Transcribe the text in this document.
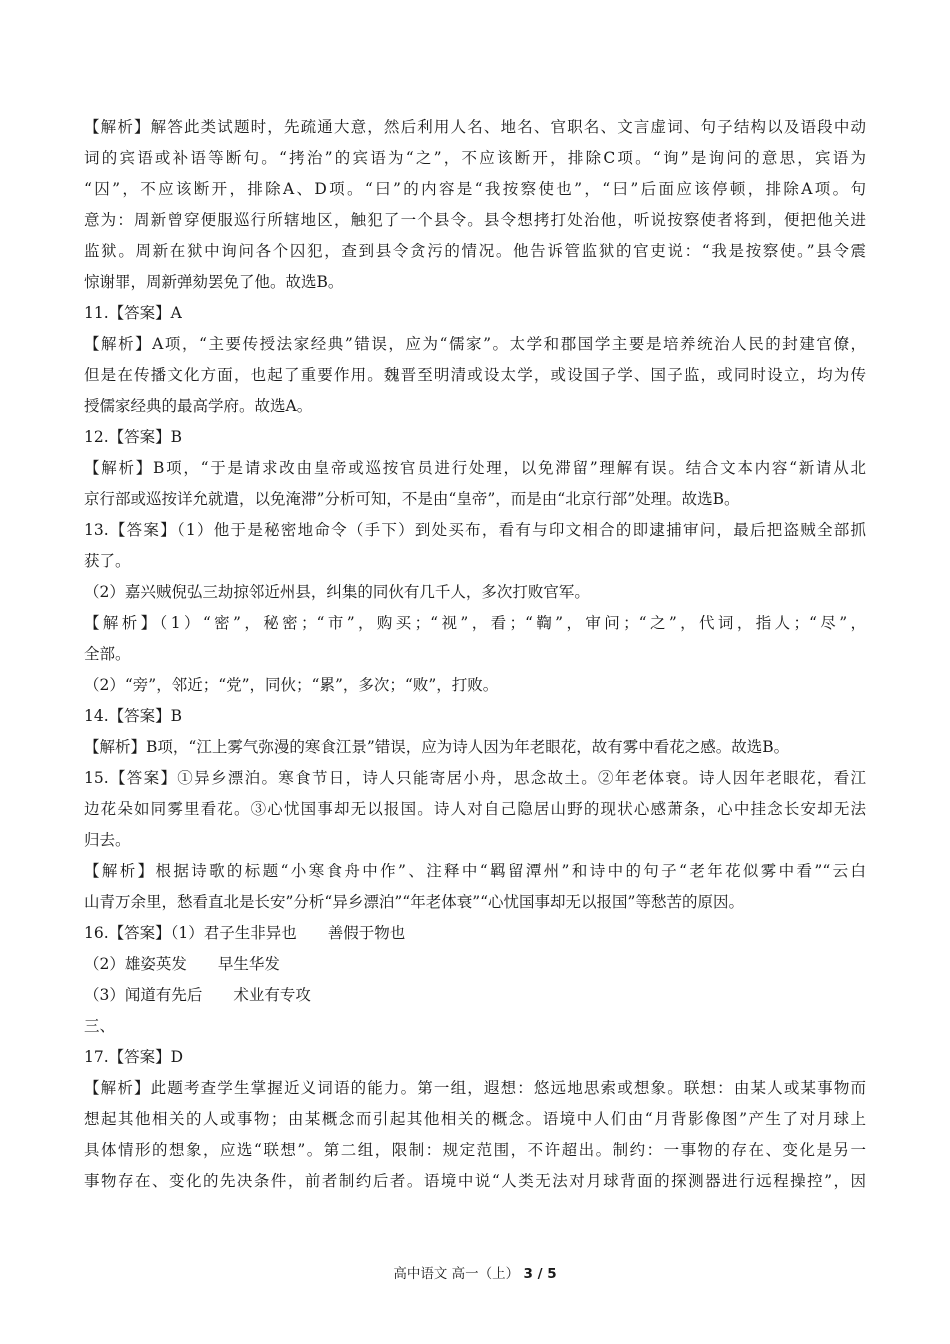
【解析】解答此类试题时，先疏通大意，然后利用人名、地名、官职名、文言虚词、句子结构以及语段中动
词的宾语或补语等断句。“拷治”的宾语为“之”，不应该断开，排除C项。“询”是询问的意思，宾语为
“囚”，不应该断开，排除A、D项。“曰”的内容是“我按察使也”，“曰”后面应该停顿，排除A项。句
意为：周新曾穿便服巡行所辖地区，触犯了一个县令。县令想拷打处治他，听说按察使者将到，便把他关进
监狱。周新在狱中询问各个囚犯，查到县令贪污的情况。他告诉管监狱的官吏说：“我是按察使。”县令震
惊谢罪，周新弹劾罢免了他。故选B。
11.【答案】A
【解析】A项，“主要传授法家经典”错误，应为“儒家”。太学和郡国学主要是培养统治人民的封建官僚，
但是在传播文化方面，也起了重要作用。魏晋至明清或设太学，或设国子学、国子监，或同时设立，均为传
授儒家经典的最高学府。故选A。
12.【答案】B
【解析】B项，“于是请求改由皇帝或巡按官员进行处理，以免滞留”理解有误。结合文本内容“新请从北
京行部或巡按详允就遣，以免淹滞”分析可知，不是由“皇帝”，而是由“北京行部”处理。故选B。
13.【答案】（1）他于是秘密地命令（手下）到处买布，看有与印文相合的即逮捕审问，最后把盗贼全部抓
获了。
（2）嘉兴贼倪弘三劫掠邻近州县，纠集的同伙有几千人，多次打败官军。
【解析】（1）“密”，秘密；“市”，购买；“视”，看；“鞫”，审问；“之”，代词，指人；“尽”，
全部。
（2）“旁”，邻近；“党”，同伙；“累”，多次；“败”，打败。
14.【答案】B
【解析】B项，“江上雾气弥漫的寒食江景”错误，应为诗人因为年老眼花，故有雾中看花之感。故选B。
15.【答案】①异乡漂泊。寒食节日，诗人只能寄居小舟，思念故土。②年老体衰。诗人因年老眼花，看江
边花朵如同雾里看花。③心忧国事却无以报国。诗人对自己隐居山野的现状心感萧条，心中挂念长安却无法
归去。
【解析】根据诗歌的标题“小寒食舟中作”、注释中“羁留潭州”和诗中的句子“老年花似雾中看”“云白
山青万余里，愁看直北是长安”分析“异乡漂泊”“年老体衰”“心忧国事却无以报国”等愁苦的原因。
16.【答案】（1）君子生非异也　　善假于物也
（2）雄姿英发　　早生华发
（3）闻道有先后　　术业有专攻
三、
17.【答案】D
【解析】此题考查学生掌握近义词语的能力。第一组，遐想：悠远地思索或想象。联想：由某人或某事物而
想起其他相关的人或事物；由某概念而引起其他相关的概念。语境中人们由“月背影像图”产生了对月球上
具体情形的想象，应选“联想”。第二组，限制：规定范围，不许超出。制约：一事物的存在、变化是另一
事物存在、变化的先决条件，前者制约后者。语境中说“人类无法对月球背面的探测器进行远程操控”，因
高中语文 高一（上） 3 / 5
